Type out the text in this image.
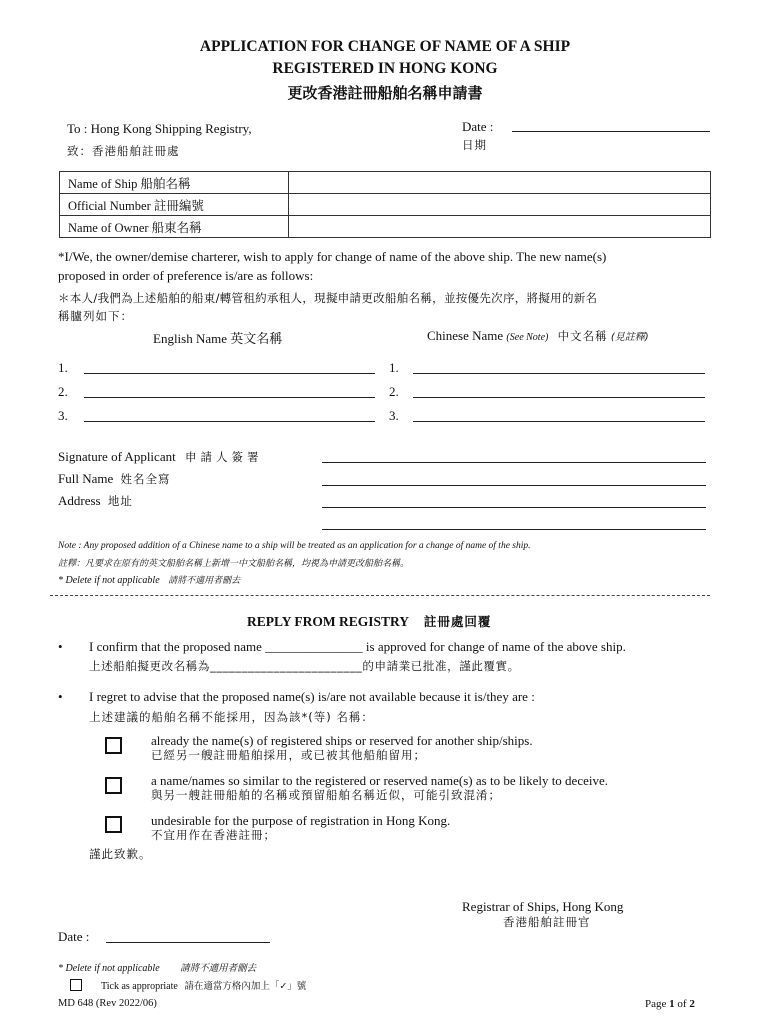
APPLICATION FOR CHANGE OF NAME OF A SHIP
REGISTERED IN HONG KONG
更改香港註冊船舶名稱申請書
To : Hong Kong Shipping Registry,
致：香港船舶註冊處
Date :
日期
Name of Ship 船舶名稱	
Official Number 註冊編號	
Name of Owner 船東名稱	
*I/We, the owner/demise charterer, wish to apply for change of name of the above ship. The new name(s)
proposed in order of preference is/are as follows:
＊本人/我們為上述船舶的船東/轉管租約承租人，現擬申請更改船舶名稱，並按優先次序，將擬用的新名
稱臚列如下：
English Name 英文名稱	Chinese Name (See Note) 中文名稱 (見註釋)
1.	1.
2.	2.
3.	3.
Signature of Applicant 申請人簽署
Full Name 姓名全寫
Address 地址
Note : Any proposed addition of a Chinese name to a ship will be treated as an application for a change of name of the ship.
註釋：凡要求在原有的英文船舶名稱上新增一中文船舶名稱，均視為申請更改船舶名稱。
* Delete if not applicable 請將不適用者刪去
REPLY FROM REGISTRY 註冊處回覆
• I confirm that the proposed name _______________ is approved for change of name of the above ship.
上述船舶擬更改名稱為________________________的申請業已批准，謹此覆實。
• I regret to advise that the proposed name(s) is/are not available because it is/they are :
上述建議的船舶名稱不能採用，因為該*(等) 名稱：
already the name(s) of registered ships or reserved for another ship/ships.
已經另一艘註冊船舶採用，或已被其他船舶留用；
a name/names so similar to the registered or reserved name(s) as to be likely to deceive.
與另一艘註冊船舶的名稱或預留船舶名稱近似，可能引致混淆；
undesirable for the purpose of registration in Hong Kong.
不宜用作在香港註冊；
謹此致歉。
Registrar of Ships, Hong Kong
香港船舶註冊官
Date :
* Delete if not applicable 請將不適用者刪去
Tick as appropriate 請在適當方格內加上「✓」號
MD 648 (Rev 2022/06)	Page 1 of 2
